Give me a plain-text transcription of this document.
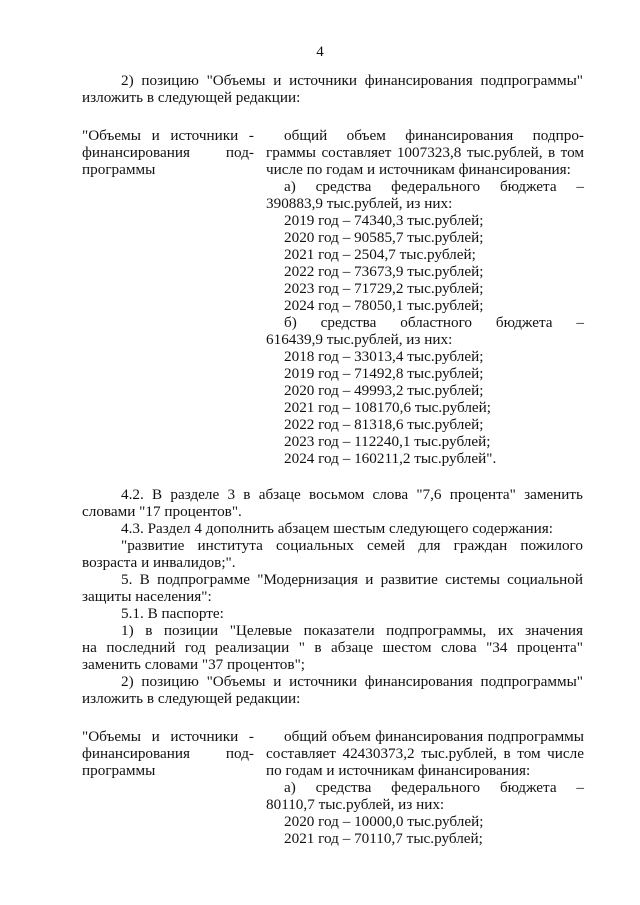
4
2) позицию "Объемы и источники финансирования подпрограммы"
изложить в следующей редакции:
"Объемы и источники -
финансирования под-
программы
общий объем финансирования подпро-
граммы составляет 1007323,8 тыс.рублей, в том
числе по годам и источникам финансирования:
а) средства федерального бюджета –
390883,9 тыс.рублей, из них:
2019 год – 74340,3 тыс.рублей;
2020 год – 90585,7 тыс.рублей;
2021 год – 2504,7 тыс.рублей;
2022 год – 73673,9 тыс.рублей;
2023 год – 71729,2 тыс.рублей;
2024 год – 78050,1 тыс.рублей;
б) средства областного бюджета –
616439,9 тыс.рублей, из них:
2018 год – 33013,4 тыс.рублей;
2019 год – 71492,8 тыс.рублей;
2020 год – 49993,2 тыс.рублей;
2021 год – 108170,6 тыс.рублей;
2022 год – 81318,6 тыс.рублей;
2023 год – 112240,1 тыс.рублей;
2024 год – 160211,2 тыс.рублей".
4.2. В разделе 3 в абзаце восьмом слова "7,6 процента" заменить
словами "17 процентов".
4.3. Раздел 4 дополнить абзацем шестым следующего содержания:
"развитие института социальных семей для граждан пожилого
возраста и инвалидов;".
5. В подпрограмме "Модернизация и развитие системы социальной
защиты населения":
5.1. В паспорте:
1) в позиции "Целевые показатели подпрограммы, их значения
на последний год реализации " в абзаце шестом слова "34 процента"
заменить словами "37 процентов";
2) позицию "Объемы и источники финансирования подпрограммы"
изложить в следующей редакции:
"Объемы и источники -
финансирования под-
программы
общий объем финансирования подпрограммы
составляет 42430373,2 тыс.рублей, в том числе
по годам и источникам финансирования:
а) средства федерального бюджета –
80110,7 тыс.рублей, из них:
2020 год – 10000,0 тыс.рублей;
2021 год – 70110,7 тыс.рублей;
